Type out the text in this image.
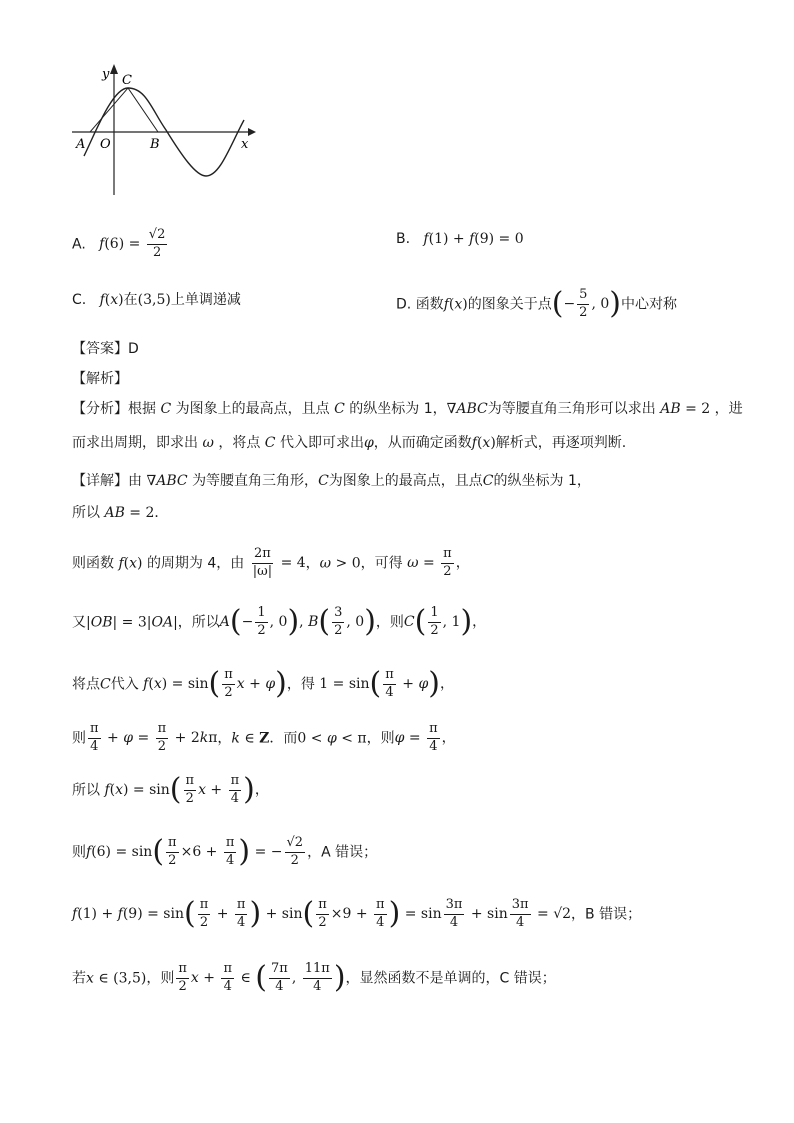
y
x
C
A O	B
A. $f(6) = \frac{√2}{2}$	B. f(1) + f(9) = 0
C. f(x)在(3,5)上单调递减	D. 函数f(x)的图象关于点(− $\frac{5}{2}$ , 0)中心对称
【答案】D
【解析】
【分析】根据 C 为图象上的最高点，且点 C 的纵坐标为 1，∇ABC为等腰直角三角形可以求出 AB = 2 ，进
而求出周期，即求出 ω ，将点 C 代入即可求出φ，从而确定函数f(x)解析式，再逐项判断.
【详解】由 ∇ABC 为等腰直角三角形，C为图象上的最高点，且点C的纵坐标为 1，
所以 AB = 2．
则函数 f(x) 的周期为 4，由 $\frac{2\pi}{|\omega|} = 4$，ω > 0，可得 $\omega = \frac{\pi}{2}$ ，
又|OB| = 3|OA|，所以$A(- \frac{1}{2}$ , 0), $B( \frac{3}{2}$ , 0)，则$C( \frac{1}{2}$ , 1)，
将点C代入 $f(x) = \sin( \frac{\pi}{2}$ x + φ)，得 $1 = \sin( \frac{\pi}{4} + \varphi)$，
则 $\frac{\pi}{4} + \varphi = \frac{\pi}{2} + 2k\pi$，k ∈ Z．而0 < φ < π，则$\varphi = \frac{\pi}{4}$ ，
所以 $f(x) = \sin( \frac{\pi}{2}$ $x + \frac{\pi}{4}$ )，
则$f(6) = \sin( \frac{\pi}{2} \times 6 + \frac{\pi}{4}$ ) = − $\frac{√2}{2}$ ，A 错误；
$f(1) + f(9) = \sin( \frac{\pi}{2} + \frac{\pi}{4}$ ) + $\sin( \frac{\pi}{2} \times 9 + \frac{\pi}{4}$ ) = $\sin \frac{3\pi}{4} + \sin \frac{3\pi}{4} = √2$，B 错误；
若x ∈ (3,5)，则 $\frac{\pi}{2}$ $x + \frac{\pi}{4}$ ∈ ( $\frac{7\pi}{4}$ , $\frac{11\pi}{4}$ )，显然函数不是单调的，C 错误；
